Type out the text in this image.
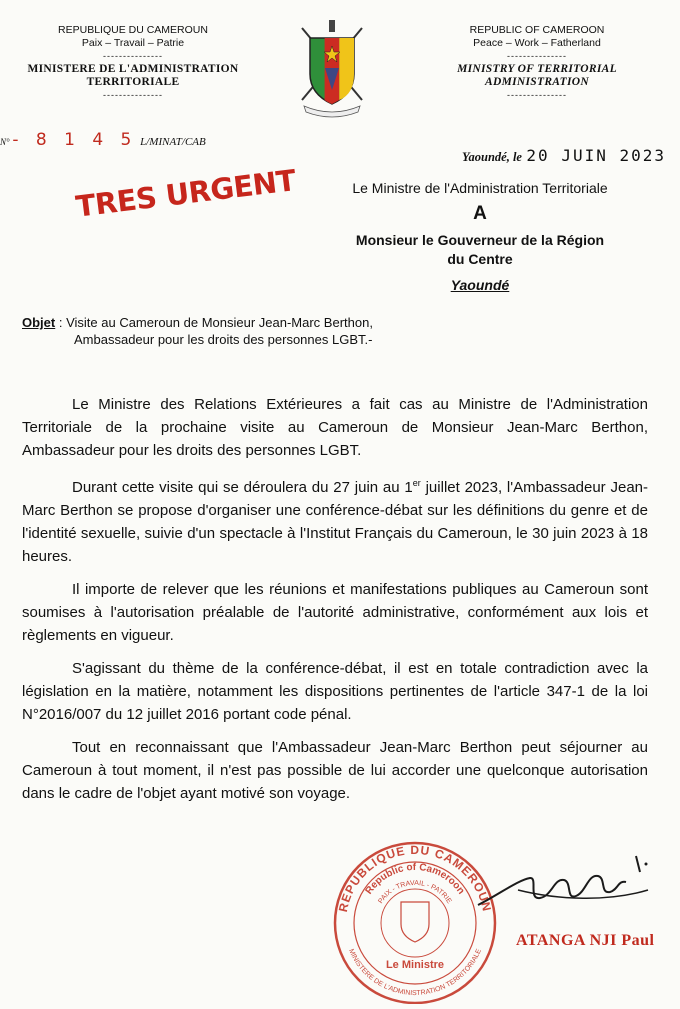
REPUBLIQUE DU CAMEROUN
Paix – Travail – Patrie
---------------
MINISTERE DE L'ADMINISTRATION
TERRITORIALE
---------------
REPUBLIC OF CAMEROON
Peace – Work – Fatherland
---------------
MINISTRY OF TERRITORIAL
ADMINISTRATION
---------------
N° - 8 1 4 5 L/MINAT/CAB
Yaoundé, le 20 JUIN 2023
TRES URGENT	Le Ministre de l'Administration Territoriale
A
Monsieur le Gouverneur de la Région
du Centre
Yaoundé
Objet : Visite au Cameroun de Monsieur Jean-Marc Berthon,
Ambassadeur pour les droits des personnes LGBT.-

Le Ministre des Relations Extérieures a fait cas au Ministre de l'Administration Territoriale de la prochaine visite au Cameroun de Monsieur Jean-Marc Berthon, Ambassadeur pour les droits des personnes LGBT.

Durant cette visite qui se déroulera du 27 juin au 1er juillet 2023, l'Ambassadeur Jean-Marc Berthon se propose d'organiser une conférence-débat sur les définitions du genre et de l'identité sexuelle, suivie d'un spectacle à l'Institut Français du Cameroun, le 30 juin 2023 à 18 heures.

Il importe de relever que les réunions et manifestations publiques au Cameroun sont soumises à l'autorisation préalable de l'autorité administrative, conformément aux lois et règlements en vigueur.

S'agissant du thème de la conférence-débat, il est en totale contradiction avec la législation en la matière, notamment les dispositions pertinentes de l'article 347-1 de la loi N°2016/007 du 12 juillet 2016 portant code pénal.

Tout en reconnaissant que l'Ambassadeur Jean-Marc Berthon peut séjourner au Cameroun à tout moment, il n'est pas possible de lui accorder une quelconque autorisation dans le cadre de l'objet ayant motivé son voyage.

REPUBLIQUE DU CAMEROUN
Republic of Cameroon
PAIX - TRAVAIL - PATRIE
MINISTERE DE L'ADMINISTRATION TERRITORIALE
Le Ministre
ATANGA NJI Paul
